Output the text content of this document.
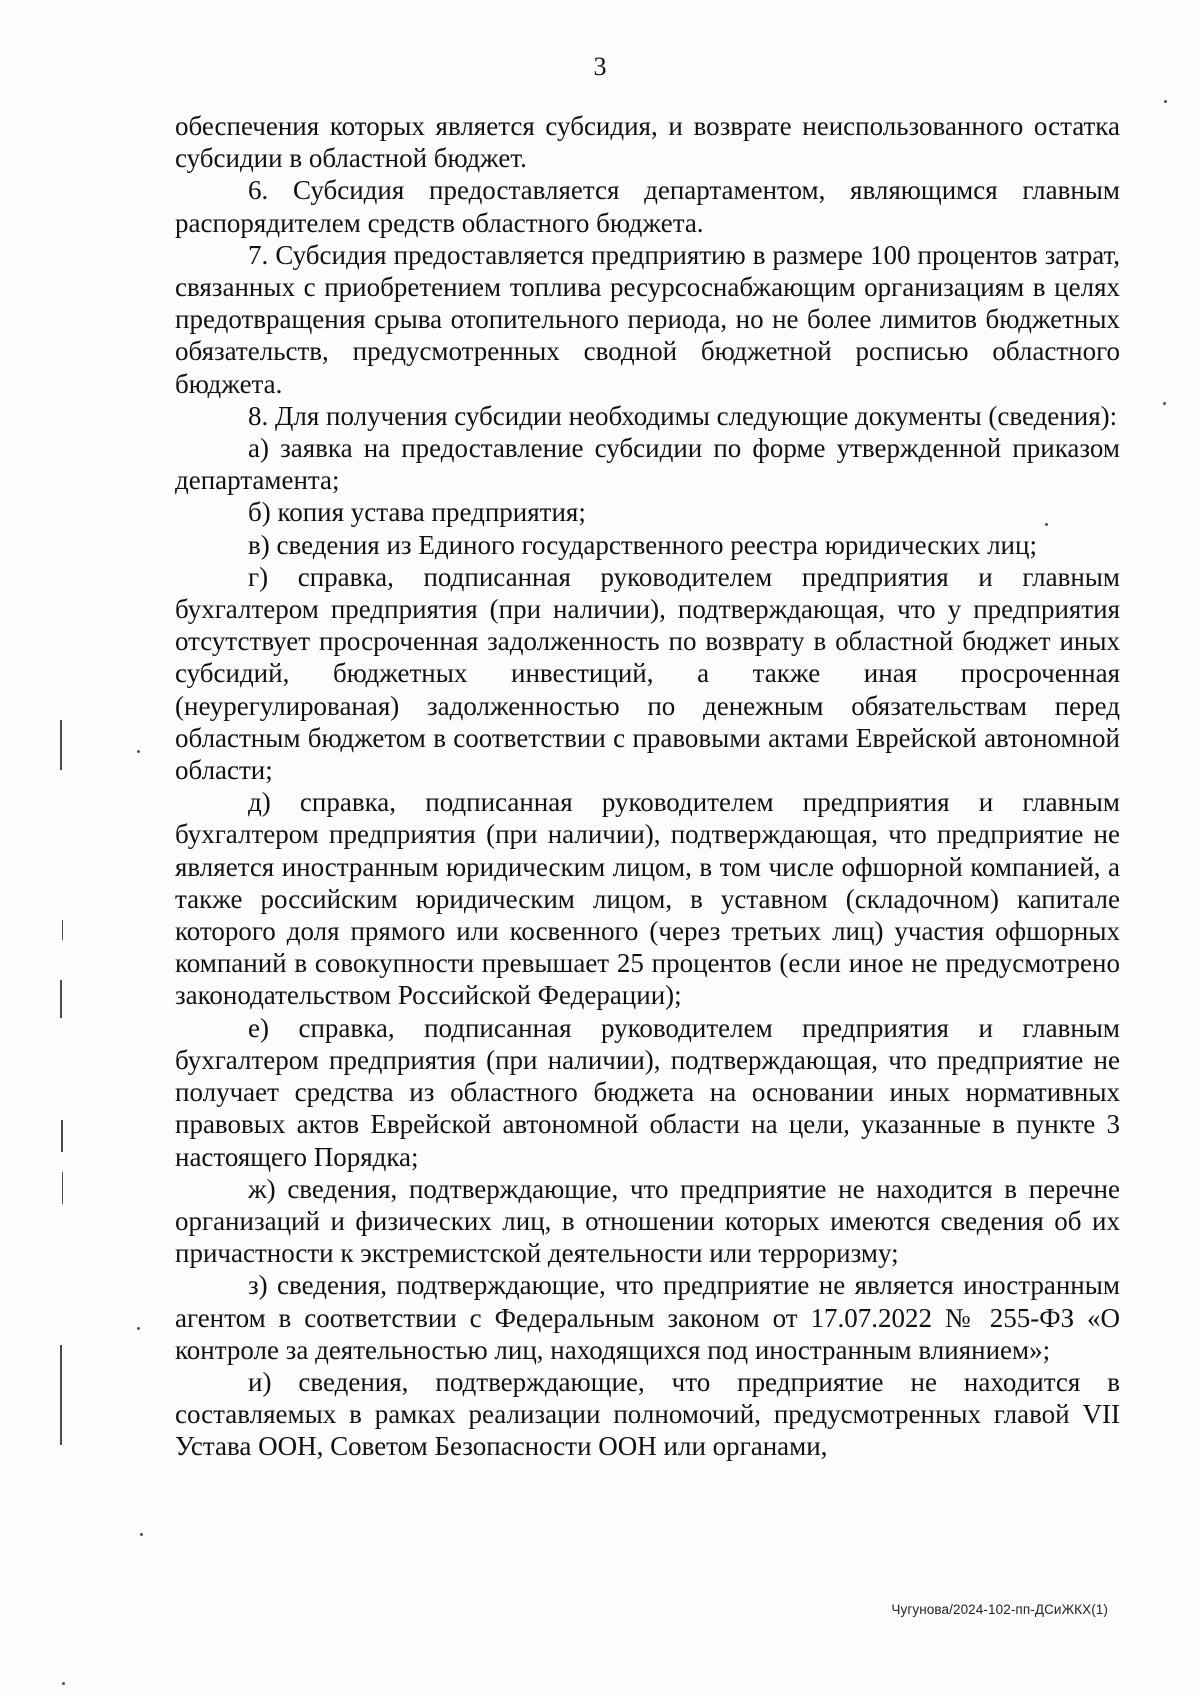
3

обеспечения которых является субсидия, и возврате неиспользованного остатка субсидии в областной бюджет.

6. Субсидия предоставляется департаментом, являющимся главным распорядителем средств областного бюджета.

7. Субсидия предоставляется предприятию в размере 100 процентов затрат, связанных с приобретением топлива ресурсоснабжающим организациям в целях предотвращения срыва отопительного периода, но не более лимитов бюджетных обязательств, предусмотренных сводной бюджетной росписью областного бюджета.

8. Для получения субсидии необходимы следующие документы (сведения):

а) заявка на предоставление субсидии по форме утвержденной приказом департамента;

б) копия устава предприятия;

в) сведения из Единого государственного реестра юридических лиц;

г) справка, подписанная руководителем предприятия и главным бухгалтером предприятия (при наличии), подтверждающая, что у предприятия отсутствует просроченная задолженность по возврату в областной бюджет иных субсидий, бюджетных инвестиций, а также иная просроченная (неурегулированая) задолженностью по денежным обязательствам перед областным бюджетом в соответствии с правовыми актами Еврейской автономной области;

д) справка, подписанная руководителем предприятия и главным бухгалтером предприятия (при наличии), подтверждающая, что предприятие не является иностранным юридическим лицом, в том числе офшорной компанией, а также российским юридическим лицом, в уставном (складочном) капитале которого доля прямого или косвенного (через третьих лиц) участия офшорных компаний в совокупности превышает 25 процентов (если иное не предусмотрено законодательством Российской Федерации);

е) справка, подписанная руководителем предприятия и главным бухгалтером предприятия (при наличии), подтверждающая, что предприятие не получает средства из областного бюджета на основании иных нормативных правовых актов Еврейской автономной области на цели, указанные в пункте 3 настоящего Порядка;

ж) сведения, подтверждающие, что предприятие не находится в перечне организаций и физических лиц, в отношении которых имеются сведения об их причастности к экстремистской деятельности или терроризму;

з) сведения, подтверждающие, что предприятие не является иностранным агентом в соответствии с Федеральным законом от 17.07.2022 № 255-ФЗ «О контроле за деятельностью лиц, находящихся под иностранным влиянием»;

и) сведения, подтверждающие, что предприятие не находится в составляемых в рамках реализации полномочий, предусмотренных главой VII Устава ООН, Советом Безопасности ООН или органами,

Чугунова/2024-102-пп-ДСиЖКХ(1)
